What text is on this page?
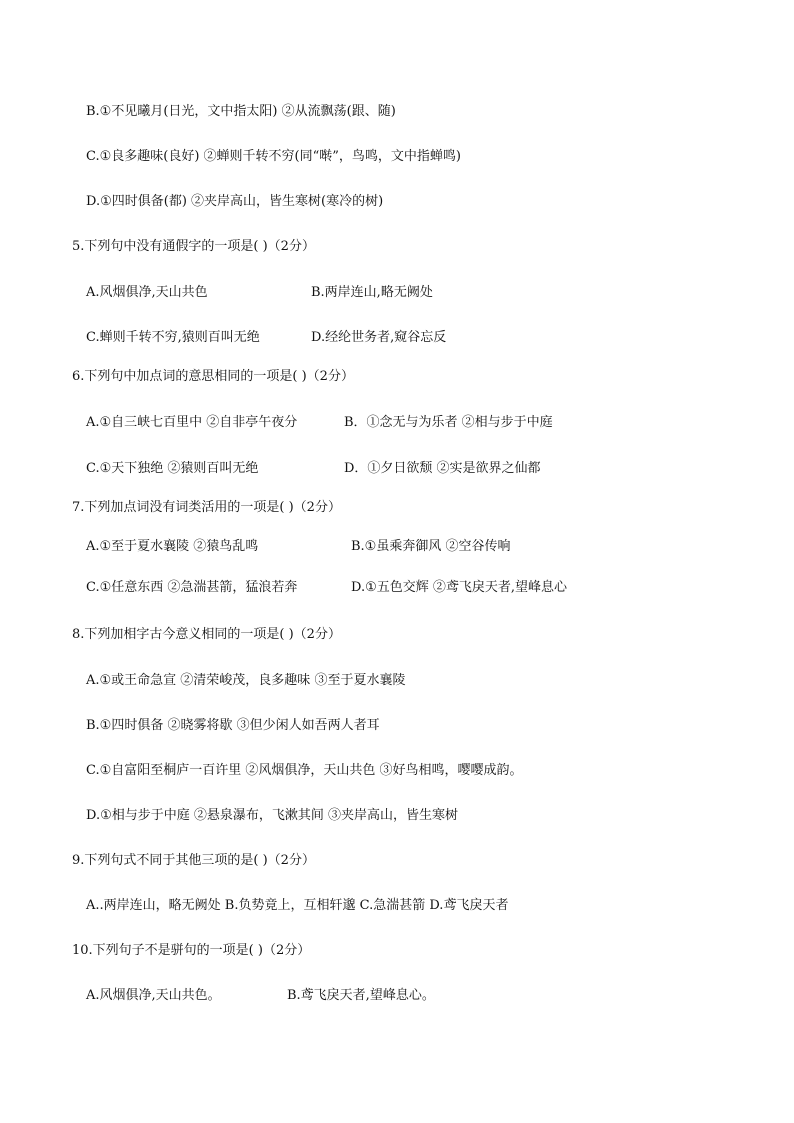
B.①不见曦月(日光，文中指太阳) ②从流飘荡(跟、随)
C.①良多趣味(良好) ②蝉则千转不穷(同“啭”，鸟鸣，文中指蝉鸣)
D.①四时俱备(都) ②夹岸高山，皆生寒树(寒冷的树)
5.下列句中没有通假字的一项是( )（2分）
A.风烟俱净,天山共色	B.两岸连山,略无阙处
C.蝉则千转不穷,猿则百叫无绝	D.经纶世务者,窥谷忘反
6.下列句中加点词的意思相同的一项是( )（2分）
A.①自三峡七百里中 ②自非亭午夜分	B．①念无与为乐者 ②相与步于中庭
C.①天下独绝 ②猿则百叫无绝	D．①夕日欲颓 ②实是欲界之仙都
7.下列加点词没有词类活用的一项是( )（2分）
A.①至于夏水襄陵 ②猿鸟乱鸣	B.①虽乘奔御风 ②空谷传响
C.①任意东西 ②急湍甚箭，猛浪若奔	D.①五色交辉 ②鸢飞戾天者,望峰息心
8.下列加相字古今意义相同的一项是( )（2分）
A.①或王命急宣 ②清荣峻茂，良多趣味 ③至于夏水襄陵
B.①四时俱备 ②晓雾将歇 ③但少闲人如吾两人者耳
C.①自富阳至桐庐一百许里 ②风烟俱净，天山共色 ③好鸟相鸣，嘤嘤成韵。
D.①相与步于中庭 ②悬泉瀑布，飞漱其间 ③夹岸高山，皆生寒树
9.下列句式不同于其他三项的是( )（2分）
A..两岸连山，略无阙处 B.负势竟上，互相轩邈 C.急湍甚箭 D.鸢飞戾天者
10.下列句子不是骈句的一项是( )（2分）
A.风烟俱净,天山共色。	B.鸢飞戾天者,望峰息心。
